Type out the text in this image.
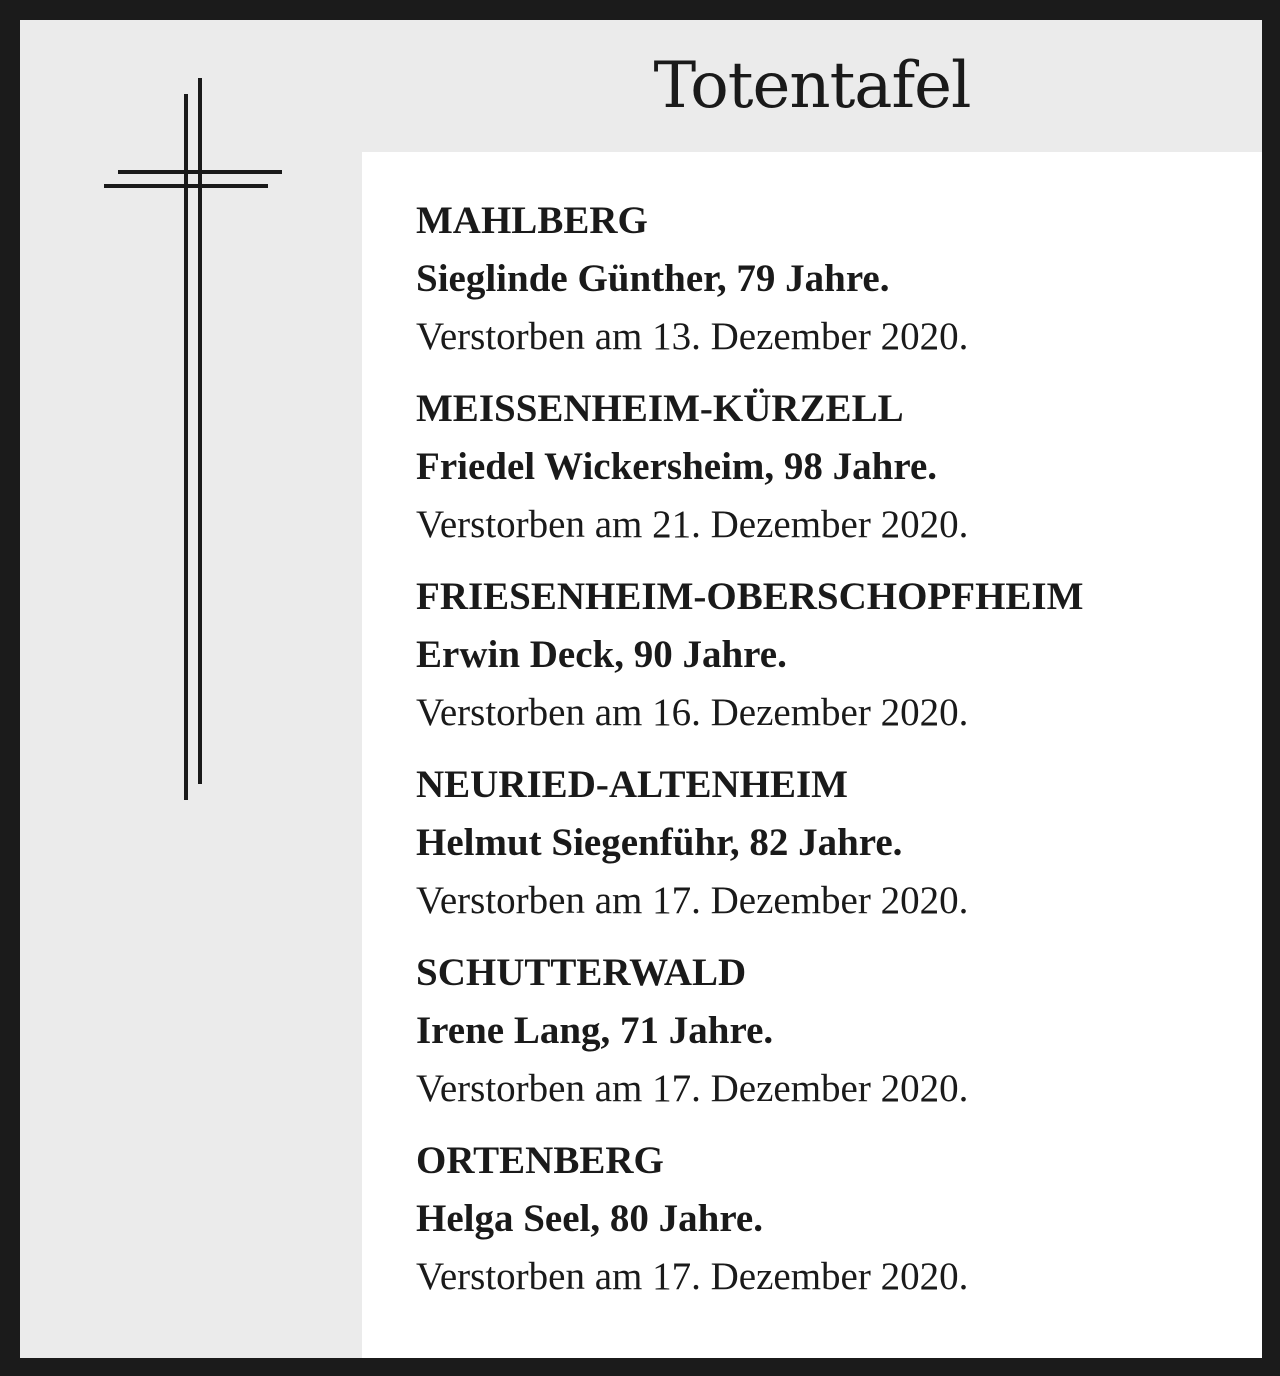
Totentafel
MAHLBERG
Sieglinde Günther, 79 Jahre.
Verstorben am 13. Dezember 2020.
MEISSENHEIM-KÜRZELL
Friedel Wickersheim, 98 Jahre.
Verstorben am 21. Dezember 2020.
FRIESENHEIM-OBERSCHOPFHEIM
Erwin Deck, 90 Jahre.
Verstorben am 16. Dezember 2020.
NEURIED-ALTENHEIM
Helmut Siegenführ, 82 Jahre.
Verstorben am 17. Dezember 2020.
SCHUTTERWALD
Irene Lang, 71 Jahre.
Verstorben am 17. Dezember 2020.
ORTENBERG
Helga Seel, 80 Jahre.
Verstorben am 17. Dezember 2020.
